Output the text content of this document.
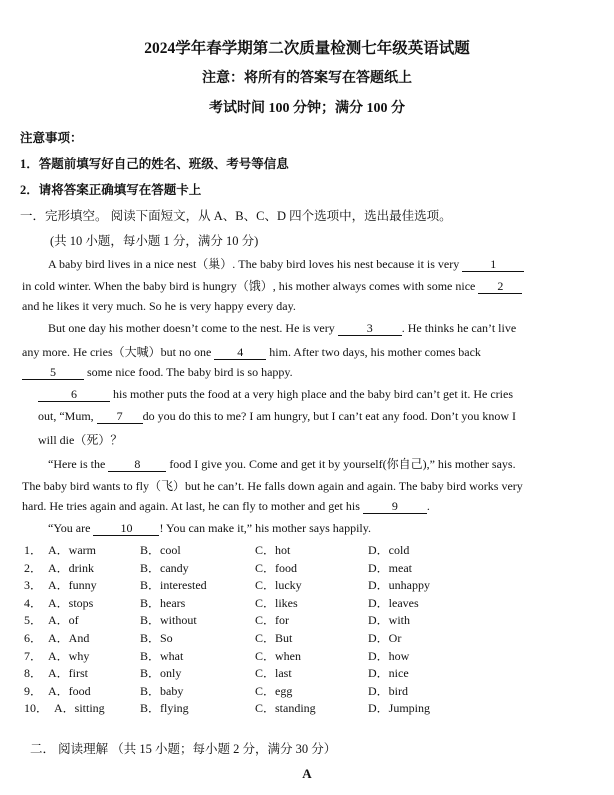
2024学年春学期第二次质量检测七年级英语试题
注意：将所有的答案写在答题纸上
考试时间 100 分钟；满分 100 分
注意事项：
1．答题前填写好自己的姓名、班级、考号等信息
2．请将答案正确填写在答题卡上
一．完形填空。 阅读下面短文，从 A、B、C、D 四个选项中，选出最佳选项。
(共 10 小题，每小题 1 分，满分 10 分)
A baby bird lives in a nice nest（巢）. The baby bird loves his nest because it is very	1
in cold winter. When the baby bird is hungry（饿）, his mother always comes with some nice 2
and he likes it very much. So he is very happy every day.
But one day his mother doesn’t come to the nest. He is very	3 . He thinks he can’t live
any more. He cries（大喊）but no one 4 him. After two days, his mother comes back
5	some nice food. The baby bird is so happy.
6	his mother puts the food at a very high place and the baby bird can’t get it. He cries
out, “Mum, 7 do you do this to me? I am hungry, but I can’t eat any food. Don’t you know I
will die（死）？
“Here is the 8 food I give you. Come and get it by yourself(你自己),” his mother says.
The baby bird wants to fly（飞）but he can’t. He falls down again and again. The baby bird works very
hard. He tries again and again. At last, he can fly to mother and get his	9 .
“You are	10 ! You can make it,” his mother says happily.
1． A．warm	B．cool	C．hot	D．cold
2． A．drink	B．candy	C．food	D．meat
3． A．funny	B．interested	C．lucky	D．unhappy
4． A．stops	B．hears	C．likes	D．leaves
5． A．of	B．without	C．for	D．with
6． A．And	B．So	C．But	D．Or
7． A．why	B．what	C．when	D．how
8． A．first	B．only	C．last	D．nice
9． A．food	B．baby	C．egg	D．bird
10． A．sitting	B．flying	C．standing	D．Jumping
二． 阅读理解 （共 15 小题；每小题 2 分，满分 30 分）
A
